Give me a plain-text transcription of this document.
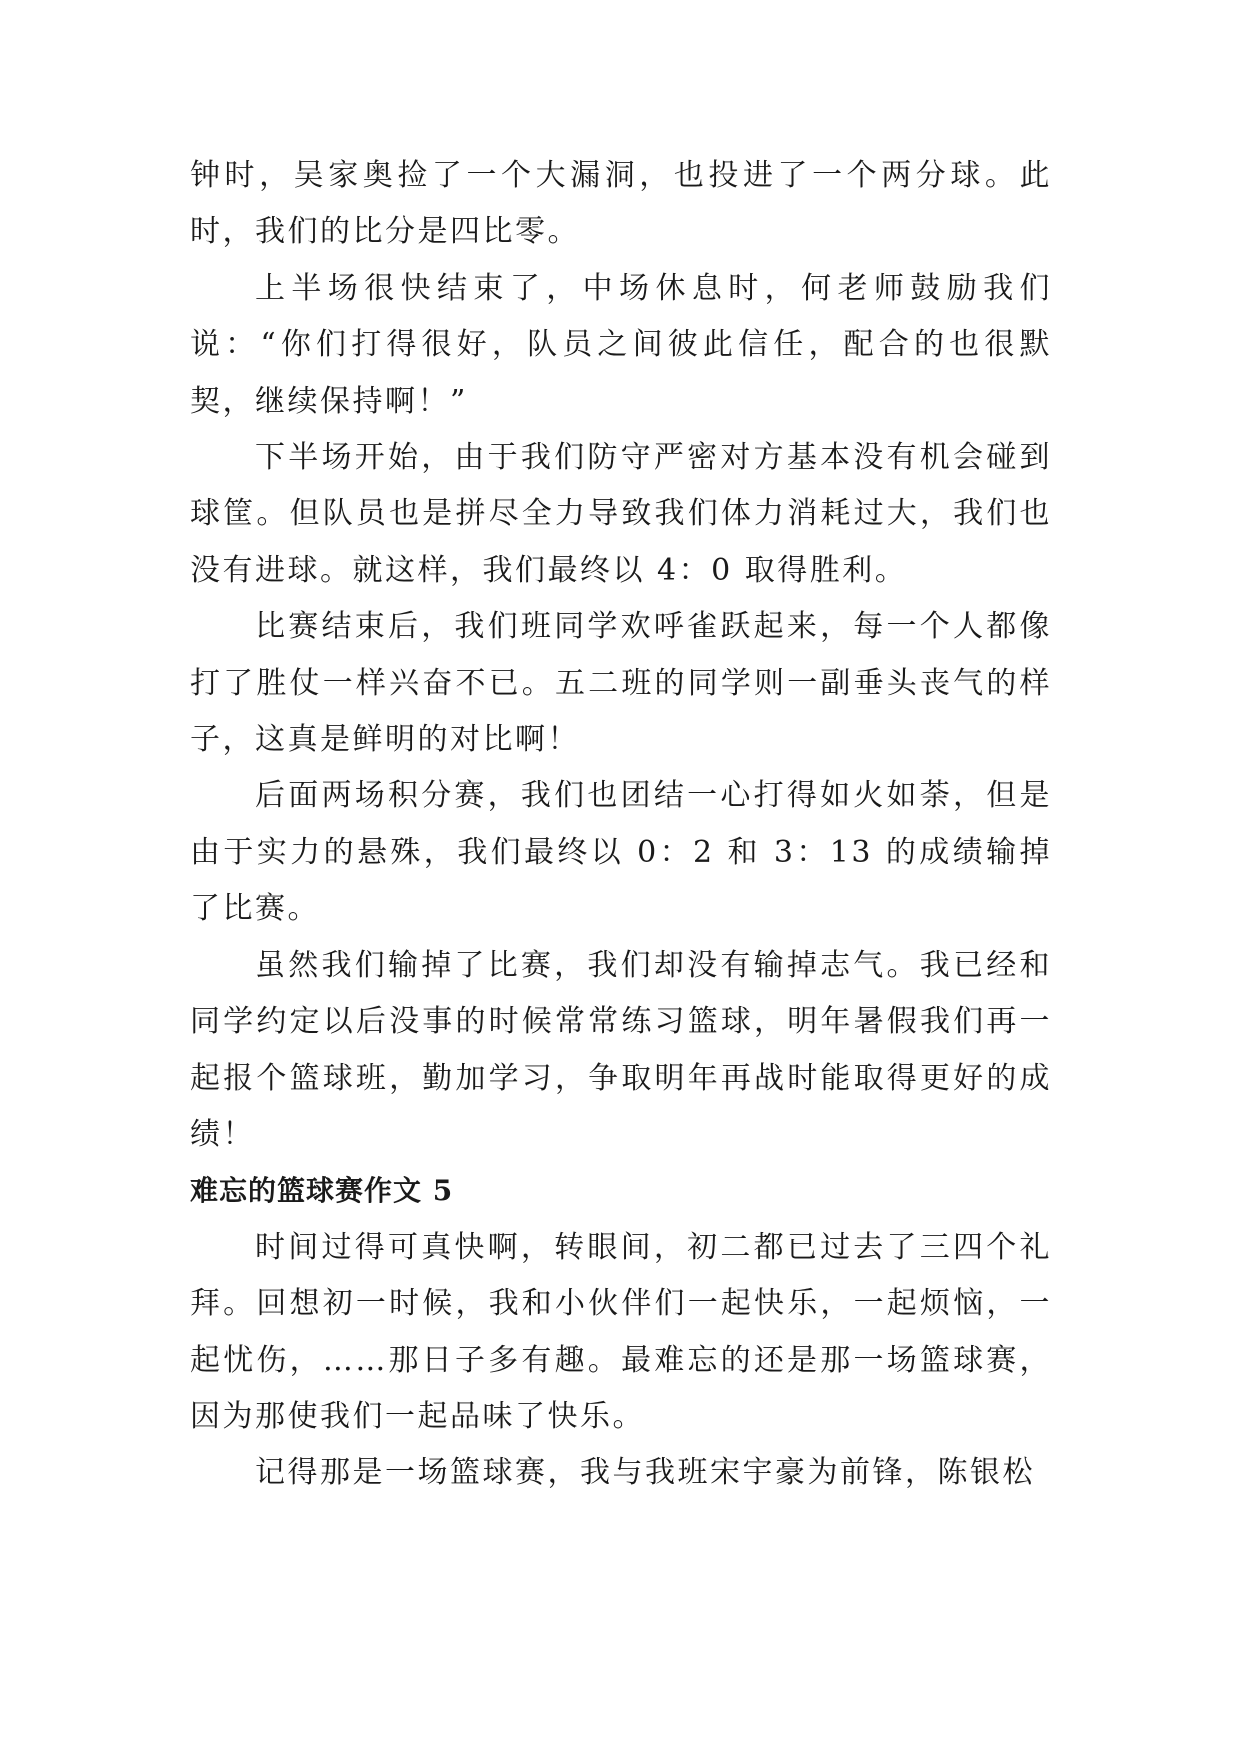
钟时，吴家奥捡了一个大漏洞，也投进了一个两分球。此时，我们的比分是四比零。

上半场很快结束了，中场休息时，何老师鼓励我们说：“你们打得很好，队员之间彼此信任，配合的也很默契，继续保持啊！”

下半场开始，由于我们防守严密对方基本没有机会碰到球筐。但队员也是拼尽全力导致我们体力消耗过大，我们也没有进球。就这样，我们最终以 4：0 取得胜利。

比赛结束后，我们班同学欢呼雀跃起来，每一个人都像打了胜仗一样兴奋不已。五二班的同学则一副垂头丧气的样子，这真是鲜明的对比啊！

后面两场积分赛，我们也团结一心打得如火如荼，但是由于实力的悬殊，我们最终以 0：2 和 3：13 的成绩输掉了比赛。

虽然我们输掉了比赛，我们却没有输掉志气。我已经和同学约定以后没事的时候常常练习篮球，明年暑假我们再一起报个篮球班，勤加学习，争取明年再战时能取得更好的成绩！

难忘的篮球赛作文 5

时间过得可真快啊，转眼间，初二都已过去了三四个礼拜。回想初一时候，我和小伙伴们一起快乐，一起烦恼，一起忧伤，……那日子多有趣。最难忘的还是那一场篮球赛，因为那使我们一起品味了快乐。

记得那是一场篮球赛，我与我班宋宇豪为前锋，陈银松
